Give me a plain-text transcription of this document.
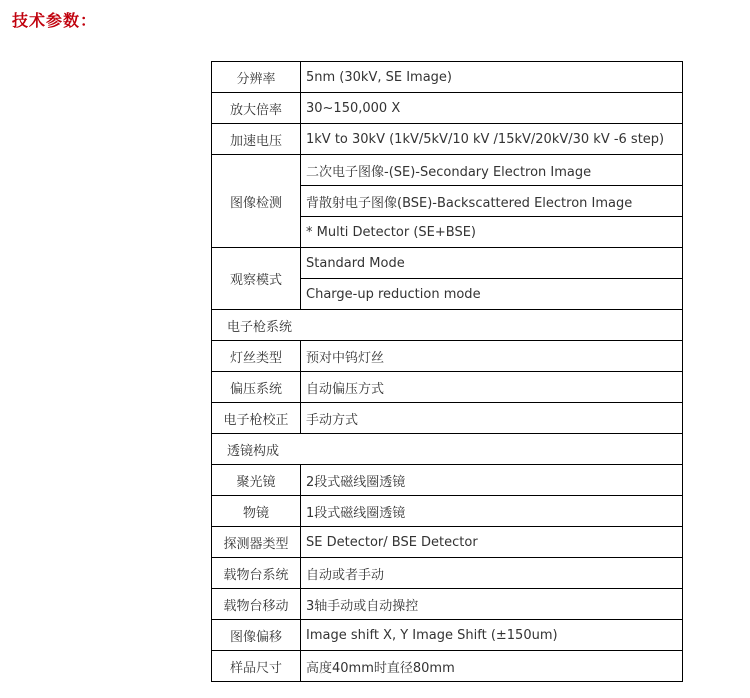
技术参数：
分辨率	5nm (30kV, SE Image)
放大倍率	30~150,000 X
加速电压	1kV to 30kV (1kV/5kV/10 kV /15kV/20kV/30 kV -6 step)
图像检测	二次电子图像-(SE)-Secondary Electron Image
	背散射电子图像(BSE)-Backscattered Electron Image
	* Multi Detector (SE+BSE)
观察模式	Standard Mode
	Charge-up reduction mode
电子枪系统	
灯丝类型	预对中钨灯丝
偏压系统	自动偏压方式
电子枪校正	手动方式
透镜构成	
聚光镜	2段式磁线圈透镜
物镜	1段式磁线圈透镜
探测器类型	SE Detector/ BSE Detector
载物台系统	自动或者手动
载物台移动	3轴手动或自动操控
图像偏移	Image shift X, Y Image Shift (±150um)
样品尺寸	高度40mm时直径80mm
